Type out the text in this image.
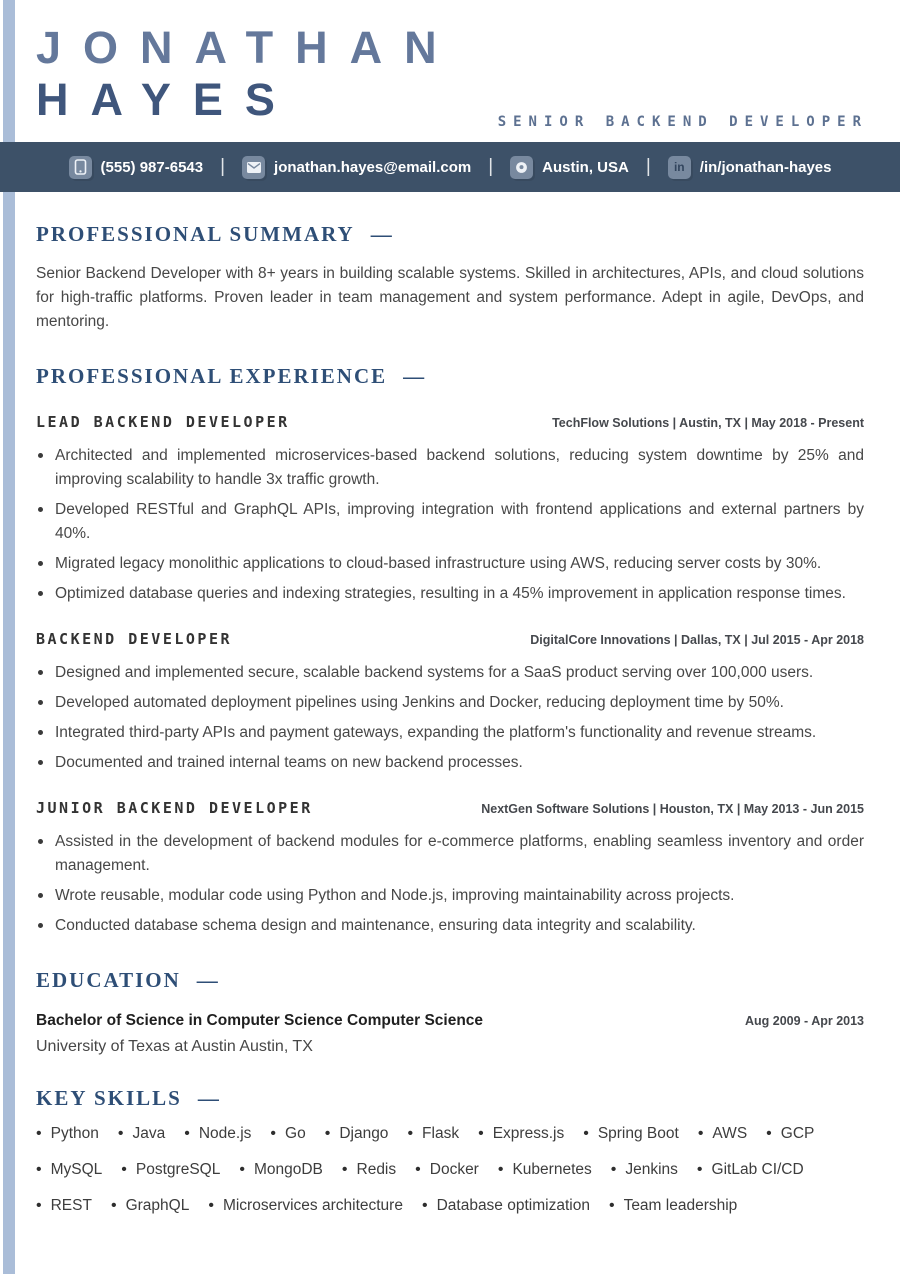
JONATHAN
HAYES	SENIOR BACKEND DEVELOPER
(555) 987-6543 |	jonathan.hayes@email.com |	Austin, USA | in /in/jonathan-hayes
PROFESSIONAL SUMMARY —

Senior Backend Developer with 8+ years in building scalable systems. Skilled in architectures, APIs, and cloud solutions for high-traffic platforms. Proven leader in team management and system performance. Adept in agile, DevOps, and mentoring.

PROFESSIONAL EXPERIENCE —
LEAD BACKEND DEVELOPER	TechFlow Solutions | Austin, TX | May 2018 - Present
Architected and implemented microservices-based backend solutions, reducing system downtime by 25% and improving scalability to handle 3x traffic growth.
Developed RESTful and GraphQL APIs, improving integration with frontend applications and external partners by 40%.
Migrated legacy monolithic applications to cloud-based infrastructure using AWS, reducing server costs by 30%.
Optimized database queries and indexing strategies, resulting in a 45% improvement in application response times.
BACKEND DEVELOPER	DigitalCore Innovations | Dallas, TX | Jul 2015 - Apr 2018
Designed and implemented secure, scalable backend systems for a SaaS product serving over 100,000 users.
Developed automated deployment pipelines using Jenkins and Docker, reducing deployment time by 50%.
Integrated third-party APIs and payment gateways, expanding the platform's functionality and revenue streams.
Documented and trained internal teams on new backend processes.
JUNIOR BACKEND DEVELOPER	NextGen Software Solutions | Houston, TX | May 2013 - Jun 2015
Assisted in the development of backend modules for e-commerce platforms, enabling seamless inventory and order management.
Wrote reusable, modular code using Python and Node.js, improving maintainability across projects.
Conducted database schema design and maintenance, ensuring data integrity and scalability.
EDUCATION —
Bachelor of Science in Computer Science Computer Science	Aug 2009 - Apr 2013
University of Texas at Austin Austin, TX
KEY SKILLS —
• Python • Java • Node.js • Go • Django • Flask • Express.js • Spring Boot • AWS • GCP
• MySQL • PostgreSQL • MongoDB • Redis • Docker • Kubernetes • Jenkins • GitLab CI/CD
• REST • GraphQL • Microservices architecture • Database optimization • Team leadership
